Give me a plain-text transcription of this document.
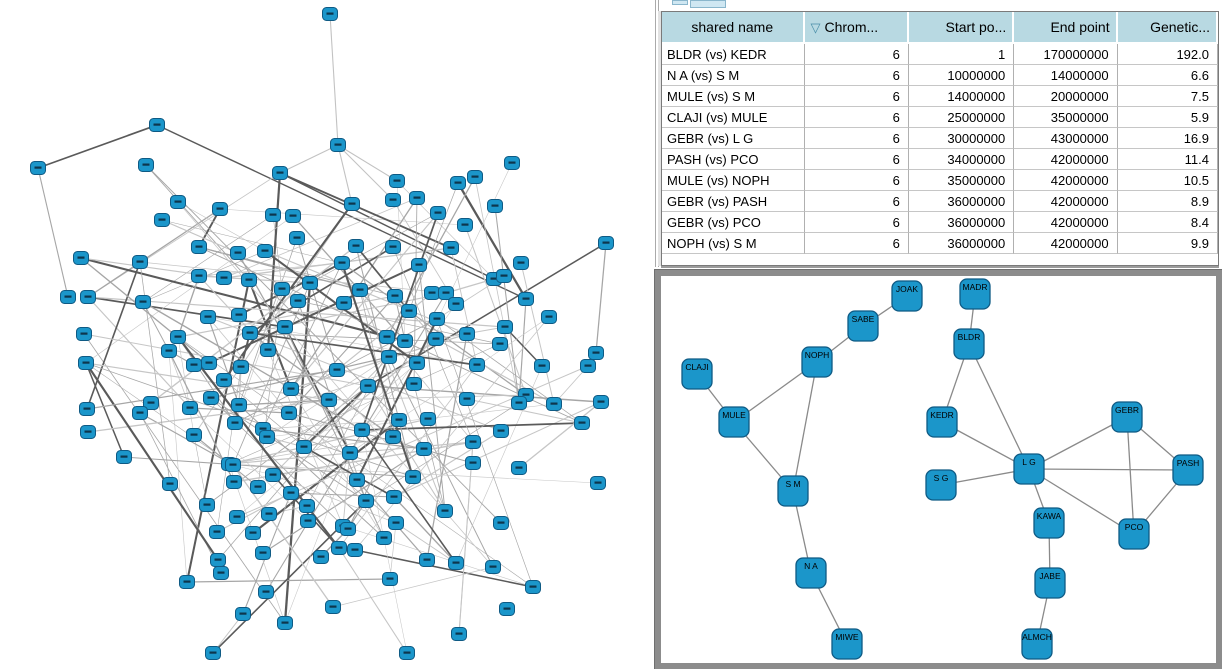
shared name	▽ Chrom...	Start po...	End point	Genetic...
BLDR (vs) KEDR	6	1	170000000	192.0
N A (vs) S M	6	10000000	14000000	6.6
MULE (vs) S M	6	14000000	20000000	7.5
CLAJI (vs) MULE	6	25000000	35000000	5.9
GEBR (vs) L G	6	30000000	43000000	16.9
PASH (vs) PCO	6	34000000	42000000	11.4
MULE (vs) NOPH	6	35000000	42000000	10.5
GEBR (vs) PASH	6	36000000	42000000	8.9
GEBR (vs) PCO	6	36000000	42000000	8.4
NOPH (vs) S M	6	36000000	42000000	9.9
JOAK	MADR
SABE
BLDR
NOPH
CLAJI
MULE	KEDR	GEBR
L G
S G
S M
KAWA
PCO
PASH
N A
JABE
MIWE	ALMCH
